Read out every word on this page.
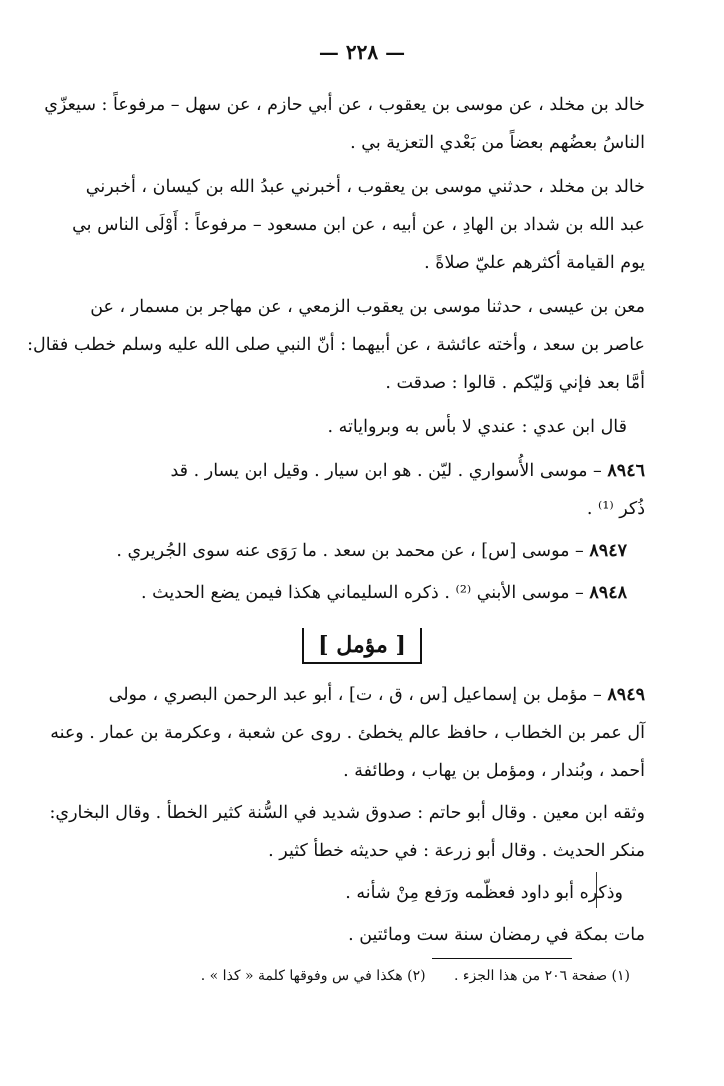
— ٢٢٨ —
خالد بن مخلد ، عن موسى بن يعقوب ، عن أبي حازم ، عن سهل – مرفوعاً : سيعزّي
الناسُ بعضُهم بعضاً من بَعْدي التعزية بي .
خالد بن مخلد ، حدثني موسى بن يعقوب ، أخبرني عبدُ الله بن كيسان ، أخبرني
عبد الله بن شداد بن الهادِ ، عن أبيه ، عن ابن مسعود – مرفوعاً : أَوْلَى الناس بي
يوم القيامة أكثرهم عليّ صلاةً .
معن بن عيسى ، حدثنا موسى بن يعقوب الزمعي ، عن مهاجر بن مسمار ، عن
عاصر بن سعد ، وأخته عائشة ، عن أبيهما : أنّ النبي صلى الله عليه وسلم خطب فقال:
أمَّا بعد فإني وَليّكم . قالوا : صدقت .
قال ابن عدي : عندي لا بأس به وبرواياته .
٨٩٤٦ – موسى الأُسواري . ليّن . هو ابن سيار . وقيل ابن يسار . قد
ذُكر ⁽¹⁾ .
٨٩٤٧ – موسى [س] ، عن محمد بن سعد . ما رَوَى عنه سوى الجُريري .
٨٩٤٨ – موسى الأبني ⁽²⁾ . ذكره السليماني هكذا فيمن يضع الحديث .
[ مؤمل ]
٨٩٤٩ – مؤمل بن إسماعيل [س ، ق ، ت] ، أبو عبد الرحمن البصري ، مولى
آل عمر بن الخطاب ، حافظ عالم يخطئ . روى عن شعبة ، وعكرمة بن عمار . وعنه
أحمد ، وبُندار ، ومؤمل بن يهاب ، وطائفة .
وثقه ابن معين . وقال أبو حاتم : صدوق شديد في السُّنة كثير الخطأ . وقال البخاري:
منكر الحديث . وقال أبو زرعة : في حديثه خطأ كثير .
وذكره أبو داود فعظّمه ورَفع مِنْ شأنه .
مات بمكة في رمضان سنة ست ومائتين .
(١) صفحة ٢٠٦ من هذا الجزء . (٢) هكذا في س وفوقها كلمة « كذا » .
